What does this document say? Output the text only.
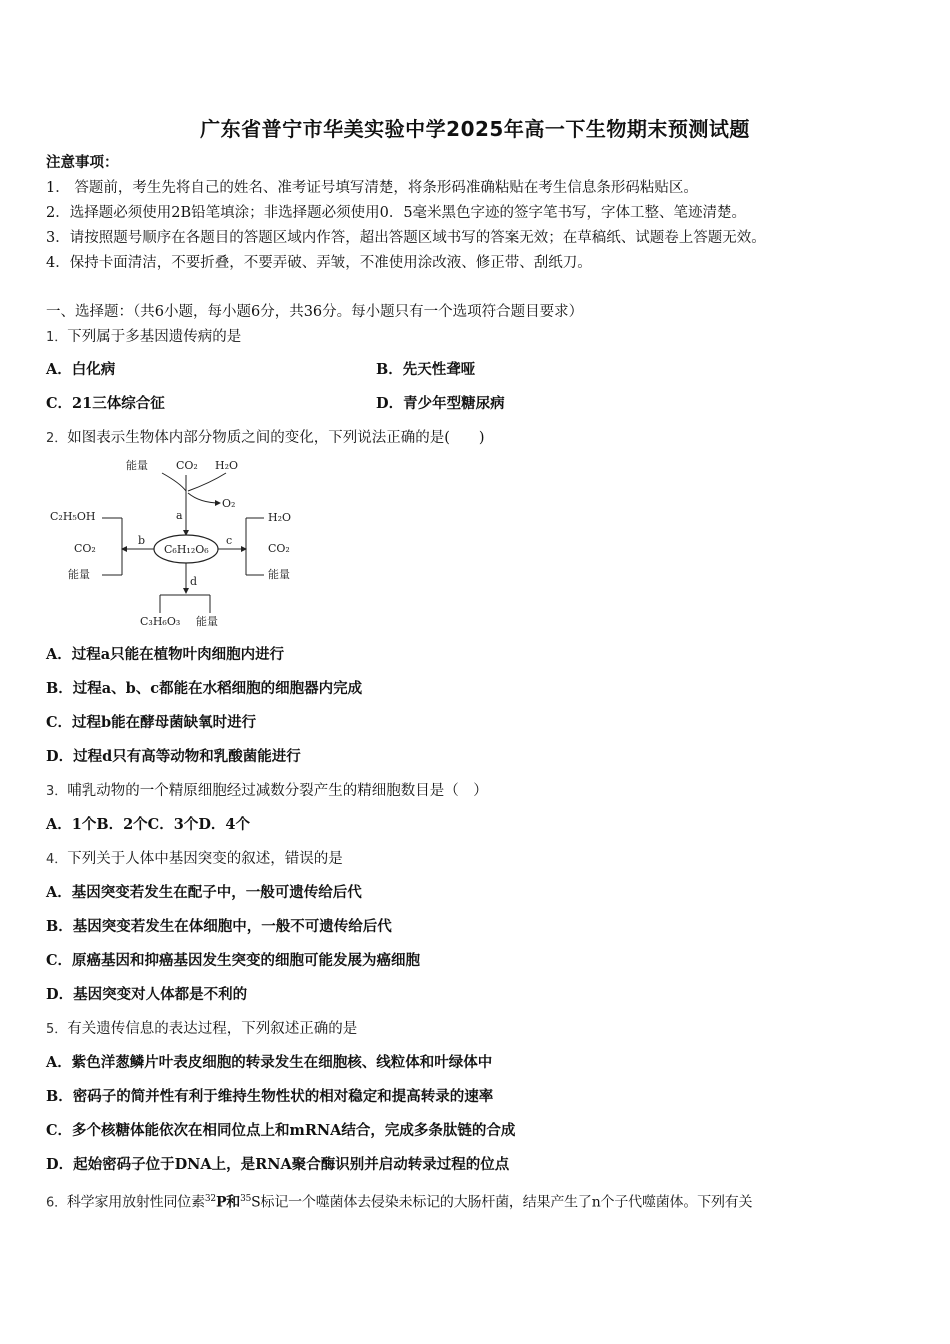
广东省普宁市华美实验中学2025年高一下生物期末预测试题
注意事项：
1． 答题前，考生先将自己的姓名、准考证号填写清楚，将条形码准确粘贴在考生信息条形码粘贴区。
2．选择题必须使用2B铅笔填涂；非选择题必须使用0．5毫米黑色字迹的签字笔书写，字体工整、笔迹清楚。
3．请按照题号顺序在各题目的答题区域内作答，超出答题区域书写的答案无效；在草稿纸、试题卷上答题无效。
4．保持卡面清洁，不要折叠，不要弄破、弄皱，不准使用涂改液、修正带、刮纸刀。
一、选择题：（共6小题，每小题6分，共36分。每小题只有一个选项符合题目要求）
1．下列属于多基因遗传病的是
A．白化病	B．先天性聋哑
C．21三体综合征	D．青少年型糖尿病
2．如图表示生物体内部分物质之间的变化，下列说法正确的是(　　)
能量	CO₂ H₂O
O₂
a
C₆H₁₂O₆
b
C₂H₅OH
CO₂
能量
c
H₂O
CO₂
能量
d
C₃H₆O₃ 能量
A．过程a只能在植物叶肉细胞内进行
B．过程a、b、c都能在水稻细胞的细胞器内完成
C．过程b能在酵母菌缺氧时进行
D．过程d只有高等动物和乳酸菌能进行
3．哺乳动物的一个精原细胞经过减数分裂产生的精细胞数目是（　）
A．1个B．2个C．3个D．4个
4．下列关于人体中基因突变的叙述，错误的是
A．基因突变若发生在配子中，一般可遗传给后代
B．基因突变若发生在体细胞中，一般不可遗传给后代
C．原癌基因和抑癌基因发生突变的细胞可能发展为癌细胞
D．基因突变对人体都是不利的
5．有关遗传信息的表达过程，下列叙述正确的是
A．紫色洋葱鳞片叶表皮细胞的转录发生在细胞核、线粒体和叶绿体中
B．密码子的简并性有利于维持生物性状的相对稳定和提高转录的速率
C．多个核糖体能依次在相同位点上和mRNA结合，完成多条肽链的合成
D．起始密码子位于DNA上，是RNA聚合酶识别并启动转录过程的位点
6．科学家用放射性同位素$^{32}$P和$^{35}$S标记一个噬菌体去侵染未标记的大肠杆菌，结果产生了n个子代噬菌体。下列有关
